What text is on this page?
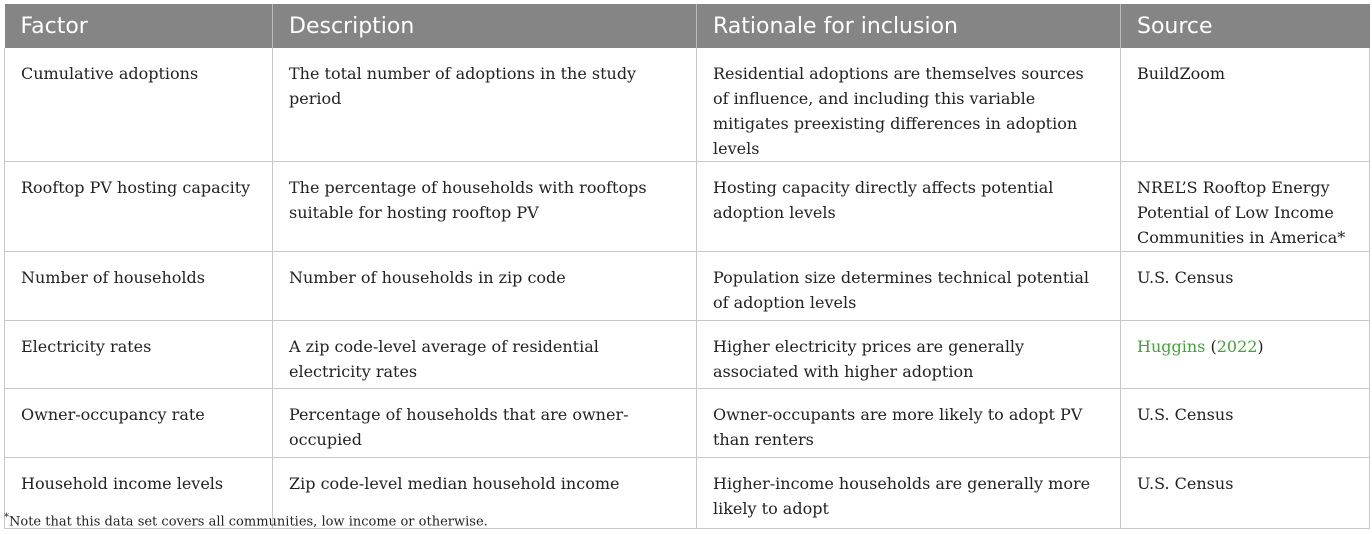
Factor	Description	Rationale for inclusion	Source
Cumulative adoptions	The total number of adoptions in the study period	Residential adoptions are themselves sources of influence, and including this variable mitigates preexisting differences in adoption levels	BuildZoom
Rooftop PV hosting capacity	The percentage of households with rooftops suitable for hosting rooftop PV	Hosting capacity directly affects potential adoption levels	NREL’S Rooftop Energy Potential of Low Income Communities in America*
Number of households	Number of households in zip code	Population size determines technical potential of adoption levels	U.S. Census
Electricity rates	A zip code-level average of residential electricity rates	Higher electricity prices are generally associated with higher adoption	Huggins (2022)
Owner-occupancy rate	Percentage of households that are owner-occupied	Owner-occupants are more likely to adopt PV than renters	U.S. Census
Household income levels	Zip code-level median household income	Higher-income households are generally more likely to adopt	U.S. Census
*Note that this data set covers all communities, low income or otherwise.
